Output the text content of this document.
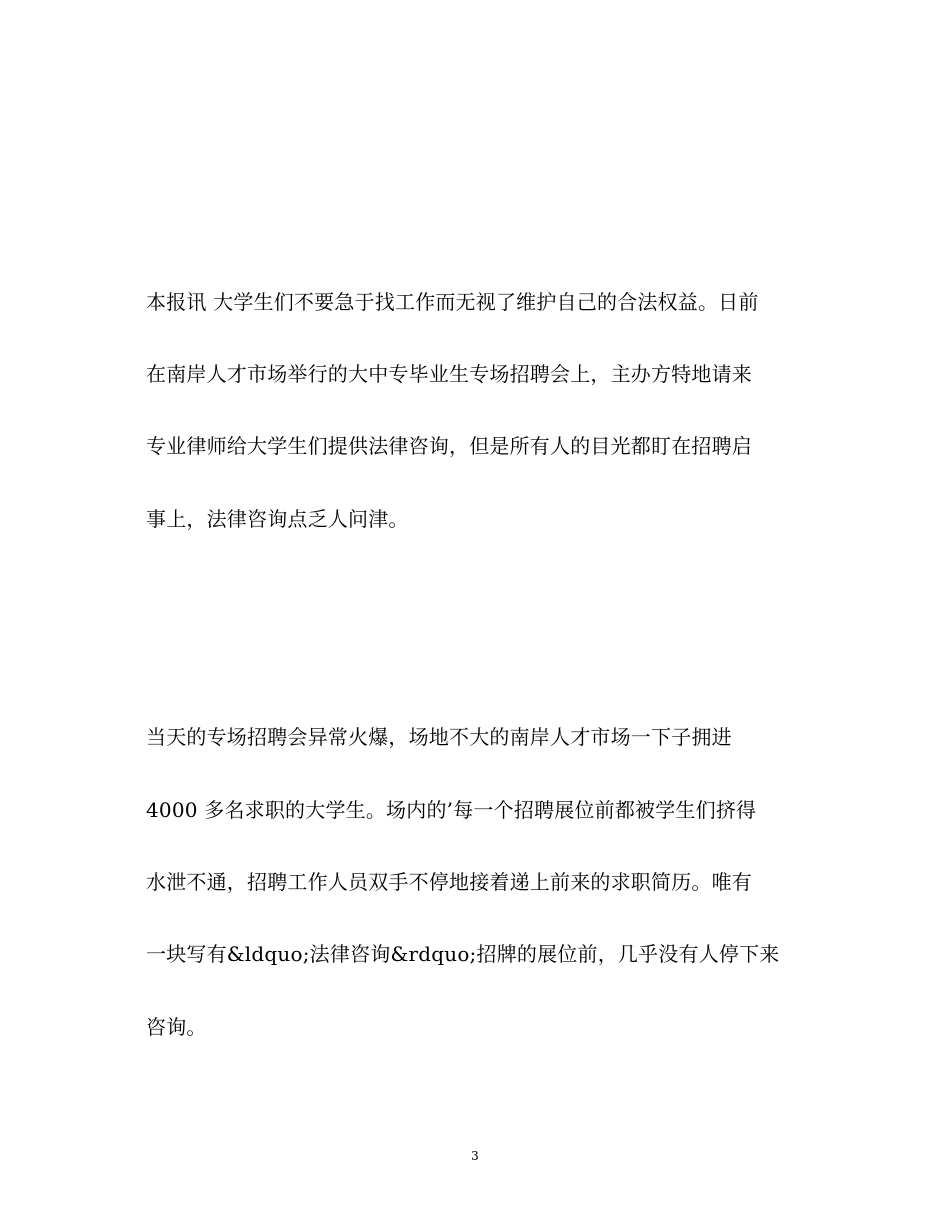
本报讯 大学生们不要急于找工作而无视了维护自己的合法权益。日前
在南岸人才市场举行的大中专毕业生专场招聘会上，主办方特地请来
专业律师给大学生们提供法律咨询，但是所有人的目光都盯在招聘启
事上，法律咨询点乏人问津。
当天的专场招聘会异常火爆，场地不大的南岸人才市场一下子拥进
4000 多名求职的大学生。场内的’每一个招聘展位前都被学生们挤得
水泄不通，招聘工作人员双手不停地接着递上前来的求职简历。唯有
一块写有&ldquo;法律咨询&rdquo;招牌的展位前，几乎没有人停下来
咨询。
3
